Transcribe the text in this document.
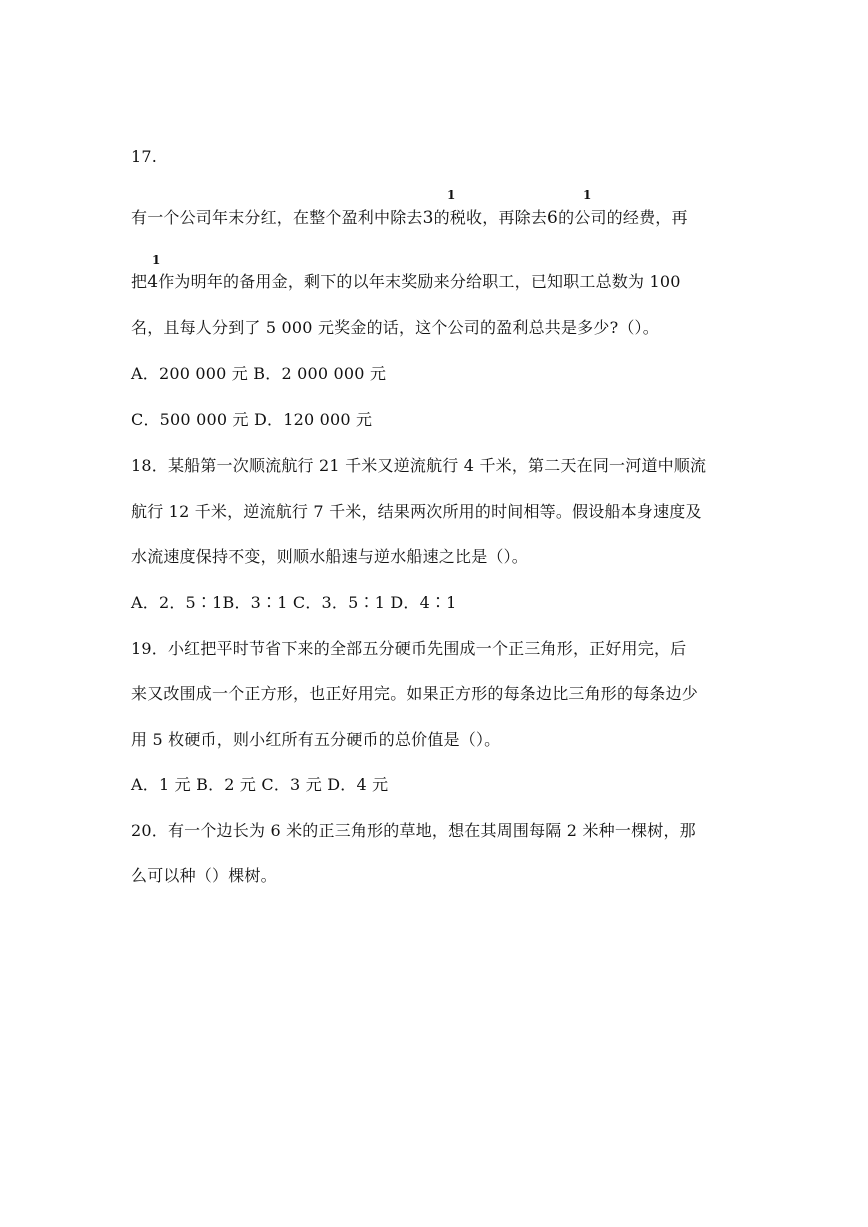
17.
1	1
有一个公司年末分红，在整个盈利中除去3的税收，再除去6的公司的经费，再
1
把4作为明年的备用金，剩下的以年末奖励来分给职工，已知职工总数为 100
名，且每人分到了 5 000 元奖金的话，这个公司的盈利总共是多少?（）。
A．200 000 元 B．2 000 000 元
C．500 000 元 D．120 000 元
18．某船第一次顺流航行 21 千米又逆流航行 4 千米，第二天在同一河道中顺流
航行 12 千米，逆流航行 7 千米，结果两次所用的时间相等。假设船本身速度及
水流速度保持不变，则顺水船速与逆水船速之比是（）。
A．2．5∶1B．3∶1 C．3．5∶1 D．4∶1
19．小红把平时节省下来的全部五分硬币先围成一个正三角形，正好用完，后
来又改围成一个正方形，也正好用完。如果正方形的每条边比三角形的每条边少
用 5 枚硬币，则小红所有五分硬币的总价值是（）。
A．1 元 B．2 元 C．3 元 D．4 元
20．有一个边长为 6 米的正三角形的草地，想在其周围每隔 2 米种一棵树，那
么可以种（）棵树。
